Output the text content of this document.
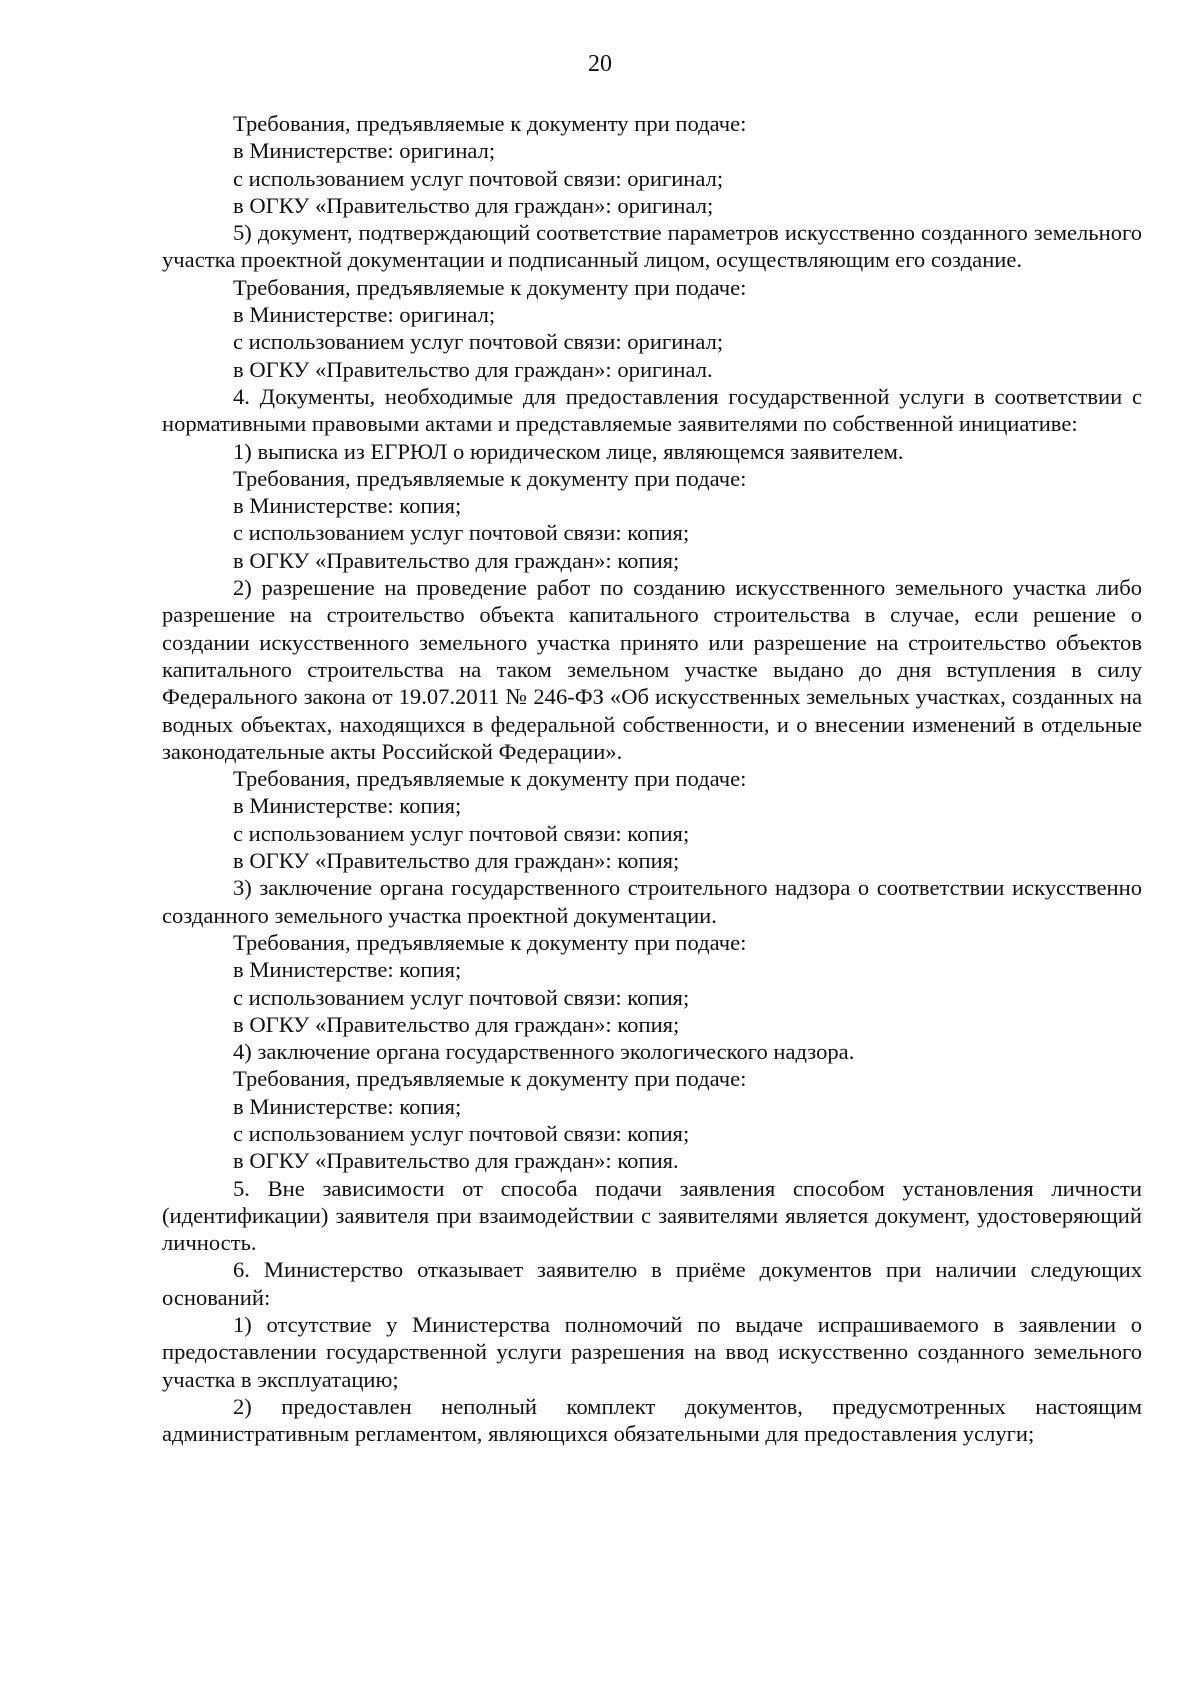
20

Требования, предъявляемые к документу при подаче:

в Министерстве: оригинал;

с использованием услуг почтовой связи: оригинал;

в ОГКУ «Правительство для граждан»: оригинал;

5) документ, подтверждающий соответствие параметров искусственно созданного земельного участка проектной документации и подписанный лицом, осуществляющим его создание.

Требования, предъявляемые к документу при подаче:

в Министерстве: оригинал;

с использованием услуг почтовой связи: оригинал;

в ОГКУ «Правительство для граждан»: оригинал.

4. Документы, необходимые для предоставления государственной услуги в соответствии с нормативными правовыми актами и представляемые заявителями по собственной инициативе:

1) выписка из ЕГРЮЛ о юридическом лице, являющемся заявителем.

Требования, предъявляемые к документу при подаче:

в Министерстве: копия;

с использованием услуг почтовой связи: копия;

в ОГКУ «Правительство для граждан»: копия;

2) разрешение на проведение работ по созданию искусственного земельного участка либо разрешение на строительство объекта капитального строительства в случае, если решение о создании искусственного земельного участка принято или разрешение на строительство объектов капитального строительства на таком земельном участке выдано до дня вступления в силу Федерального закона от 19.07.2011 № 246-ФЗ «Об искусственных земельных участках, созданных на водных объектах, находящихся в федеральной собственности, и о внесении изменений в отдельные законодательные акты Российской Федерации».

Требования, предъявляемые к документу при подаче:

в Министерстве: копия;

с использованием услуг почтовой связи: копия;

в ОГКУ «Правительство для граждан»: копия;

3) заключение органа государственного строительного надзора о соответствии искусственно созданного земельного участка проектной документации.

Требования, предъявляемые к документу при подаче:

в Министерстве: копия;

с использованием услуг почтовой связи: копия;

в ОГКУ «Правительство для граждан»: копия;

4) заключение органа государственного экологического надзора.

Требования, предъявляемые к документу при подаче:

в Министерстве: копия;

с использованием услуг почтовой связи: копия;

в ОГКУ «Правительство для граждан»: копия.

5. Вне зависимости от способа подачи заявления способом установления личности (идентификации) заявителя при взаимодействии с заявителями является документ, удостоверяющий личность.

6. Министерство отказывает заявителю в приёме документов при наличии следующих оснований:

1) отсутствие у Министерства полномочий по выдаче испрашиваемого в заявлении о предоставлении государственной услуги разрешения на ввод искусственно созданного земельного участка в эксплуатацию;

2) предоставлен неполный комплект документов, предусмотренных настоящим административным регламентом, являющихся обязательными для предоставления услуги;
